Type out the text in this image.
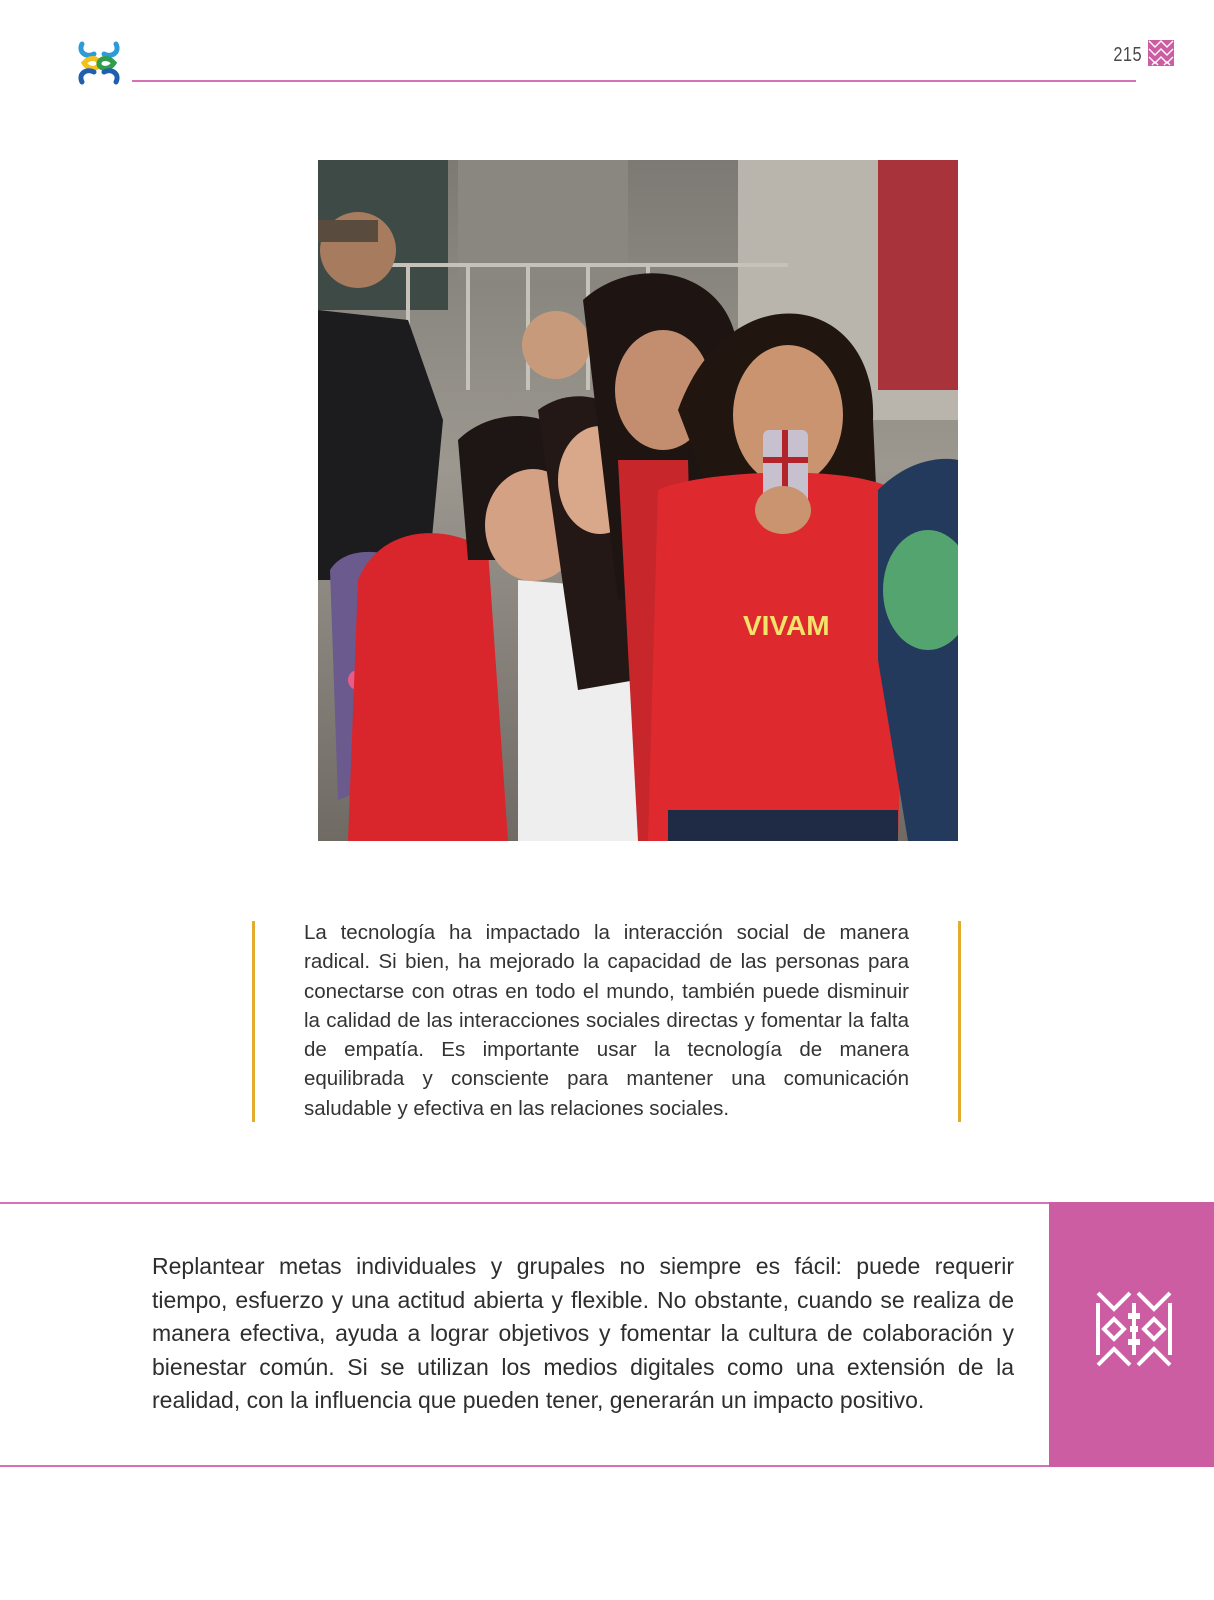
215
VIVAM

La tecnología ha impactado la interacción social de manera radical. Si bien, ha mejorado la capacidad de las personas para conectarse con otras en todo el mundo, también puede disminuir la calidad de las interacciones sociales directas y fomentar la falta de empatía. Es importante usar la tecnología de manera equilibrada y consciente para mantener una comunicación saludable y efectiva en las relaciones sociales.

Replantear metas individuales y grupales no siempre es fácil: puede requerir tiempo, esfuerzo y una actitud abierta y flexible. No obstante, cuando se realiza de manera efectiva, ayuda a lograr objetivos y fomentar la cultura de colaboración y bienestar común. Si se utilizan los medios digitales como una extensión de la realidad, con la influencia que pueden tener, generarán un impacto positivo.
